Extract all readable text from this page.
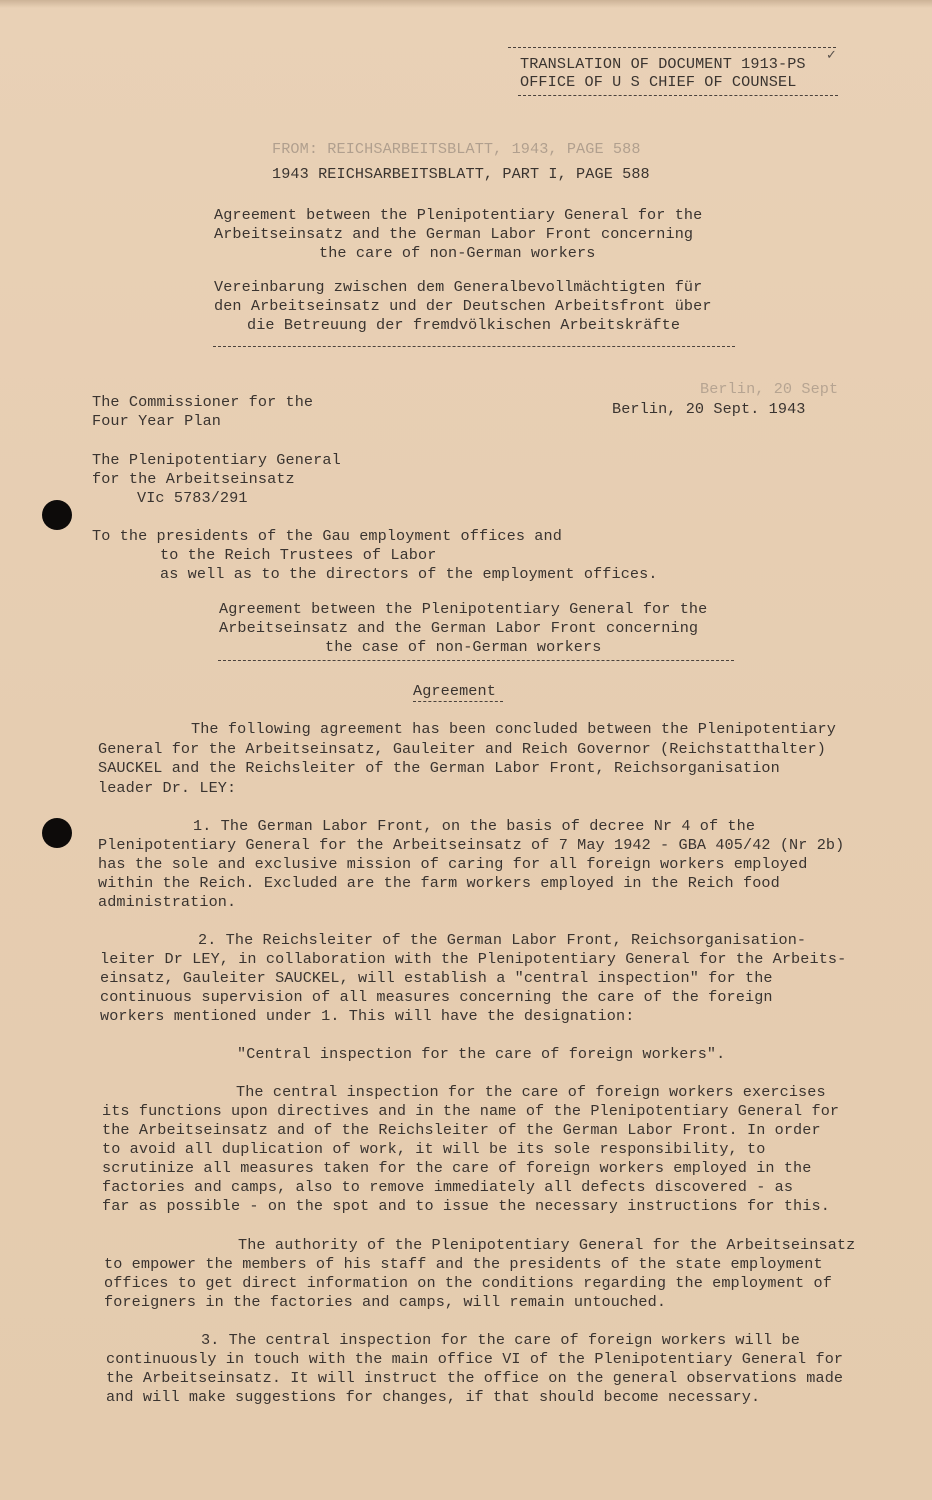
TRANSLATION OF DOCUMENT 1913-PS ✓
OFFICE OF U S CHIEF OF COUNSEL
FROM: REICHSARBEITSBLATT, 1943, PAGE 588
1943 REICHSARBEITSBLATT, PART I, PAGE 588
Agreement between the Plenipotentiary General for the
Arbeitseinsatz and the German Labor Front concerning
the care of non-German workers
Vereinbarung zwischen dem Generalbevollmächtigten für
den Arbeitseinsatz und der Deutschen Arbeitsfront über
die Betreuung der fremdvölkischen Arbeitskräfte
The Commissioner for the
Four Year Plan
The Plenipotentiary General
for the Arbeitseinsatz
VIc 5783/291
Berlin, 20 Sept
Berlin, 20 Sept. 1943
To the presidents of the Gau employment offices and
to the Reich Trustees of Labor
as well as to the directors of the employment offices.
Agreement between the Plenipotentiary General for the
Arbeitseinsatz and the German Labor Front concerning
the case of non-German workers
Agreement
The following agreement has been concluded between the Plenipotentiary
General for the Arbeitseinsatz, Gauleiter and Reich Governor (Reichstatthalter)
SAUCKEL and the Reichsleiter of the German Labor Front, Reichsorganisation
leader Dr. LEY:
1. The German Labor Front, on the basis of decree Nr 4 of the
Plenipotentiary General for the Arbeitseinsatz of 7 May 1942 - GBA 405/42 (Nr 2b)
has the sole and exclusive mission of caring for all foreign workers employed
within the Reich. Excluded are the farm workers employed in the Reich food
administration.
2. The Reichsleiter of the German Labor Front, Reichsorganisation-
leiter Dr LEY, in collaboration with the Plenipotentiary General for the Arbeits-
einsatz, Gauleiter SAUCKEL, will establish a "central inspection" for the
continuous supervision of all measures concerning the care of the foreign
workers mentioned under 1. This will have the designation:
"Central inspection for the care of foreign workers".
The central inspection for the care of foreign workers exercises
its functions upon directives and in the name of the Plenipotentiary General for
the Arbeitseinsatz and of the Reichsleiter of the German Labor Front. In order
to avoid all duplication of work, it will be its sole responsibility, to
scrutinize all measures taken for the care of foreign workers employed in the
factories and camps, also to remove immediately all defects discovered - as
far as possible - on the spot and to issue the necessary instructions for this.
The authority of the Plenipotentiary General for the Arbeitseinsatz
to empower the members of his staff and the presidents of the state employment
offices to get direct information on the conditions regarding the employment of
foreigners in the factories and camps, will remain untouched.
3. The central inspection for the care of foreign workers will be
continuously in touch with the main office VI of the Plenipotentiary General for
the Arbeitseinsatz. It will instruct the office on the general observations made
and will make suggestions for changes, if that should become necessary.
